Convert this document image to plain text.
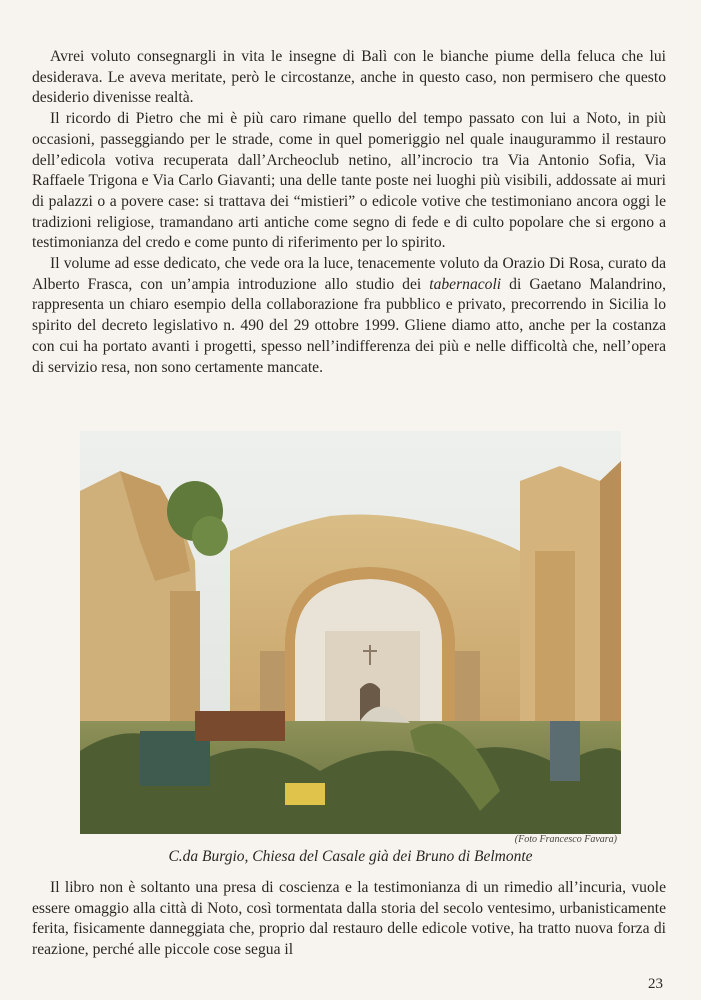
Avrei voluto consegnargli in vita le insegne di Balì con le bianche piume della feluca che lui desiderava. Le aveva meritate, però le circostanze, anche in questo caso, non permisero che questo desiderio divenisse realtà.

Il ricordo di Pietro che mi è più caro rimane quello del tempo passato con lui a Noto, in più occasioni, passeggiando per le strade, come in quel pomeriggio nel quale inaugurammo il restauro dell’edicola votiva recuperata dall’Archeoclub netino, all’incrocio tra Via Antonio Sofia, Via Raffaele Trigona e Via Carlo Giavanti; una delle tante poste nei luoghi più visibili, addossate ai muri di palazzi o a povere case: si trattava dei “mistieri” o edicole votive che testimoniano ancora oggi le tradizioni religiose, tramandano arti antiche come segno di fede e di culto popolare che si ergono a testimonianza del credo e come punto di riferimento per lo spirito.

Il volume ad esse dedicato, che vede ora la luce, tenacemente voluto da Orazio Di Rosa, curato da Alberto Frasca, con un’ampia introduzione allo studio dei tabernacoli di Gaetano Malandrino, rappresenta un chiaro esempio della collaborazione fra pubblico e privato, precorrendo in Sicilia lo spirito del decreto legislativo n. 490 del 29 ottobre 1999. Gliene diamo atto, anche per la costanza con cui ha portato avanti i progetti, spesso nell’indifferenza dei più e nelle difficoltà che, nell’opera di servizio resa, non sono certamente mancate.

(Foto Francesco Favara)
C.da Burgio, Chiesa del Casale già dei Bruno di Belmonte

Il libro non è soltanto una presa di coscienza e la testimonianza di un rimedio all’incuria, vuole essere omaggio alla città di Noto, così tormentata dalla storia del secolo ventesimo, urbanisticamente ferita, fisicamente danneggiata che, proprio dal restauro delle edicole votive, ha tratto nuova forza di reazione, perché alle piccole cose segua il

23
